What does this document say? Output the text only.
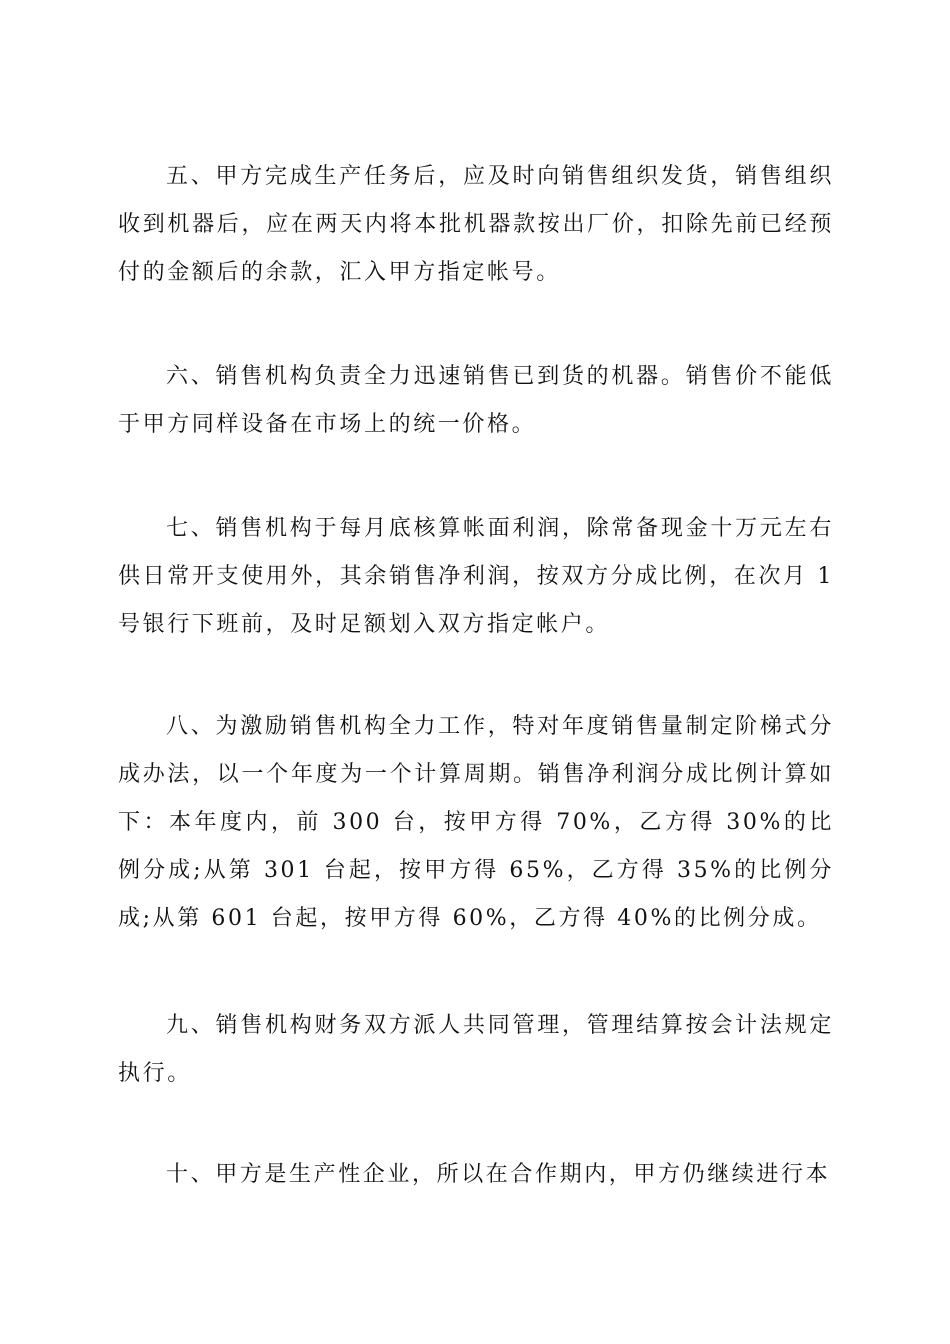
五、甲方完成生产任务后，应及时向销售组织发货，销售组织收到机器后，应在两天内将本批机器款按出厂价，扣除先前已经预付的金额后的余款，汇入甲方指定帐号。

六、销售机构负责全力迅速销售已到货的机器。销售价不能低于甲方同样设备在市场上的统一价格。

七、销售机构于每月底核算帐面利润，除常备现金十万元左右供日常开支使用外，其余销售净利润，按双方分成比例，在次月 1 号银行下班前，及时足额划入双方指定帐户。

八、为激励销售机构全力工作，特对年度销售量制定阶梯式分成办法，以一个年度为一个计算周期。销售净利润分成比例计算如下：本年度内，前 300 台，按甲方得 70%，乙方得 30%的比例分成;从第 301 台起，按甲方得 65%，乙方得 35%的比例分成;从第 601 台起，按甲方得 60%，乙方得 40%的比例分成。

九、销售机构财务双方派人共同管理，管理结算按会计法规定执行。

十、甲方是生产性企业，所以在合作期内，甲方仍继续进行本
